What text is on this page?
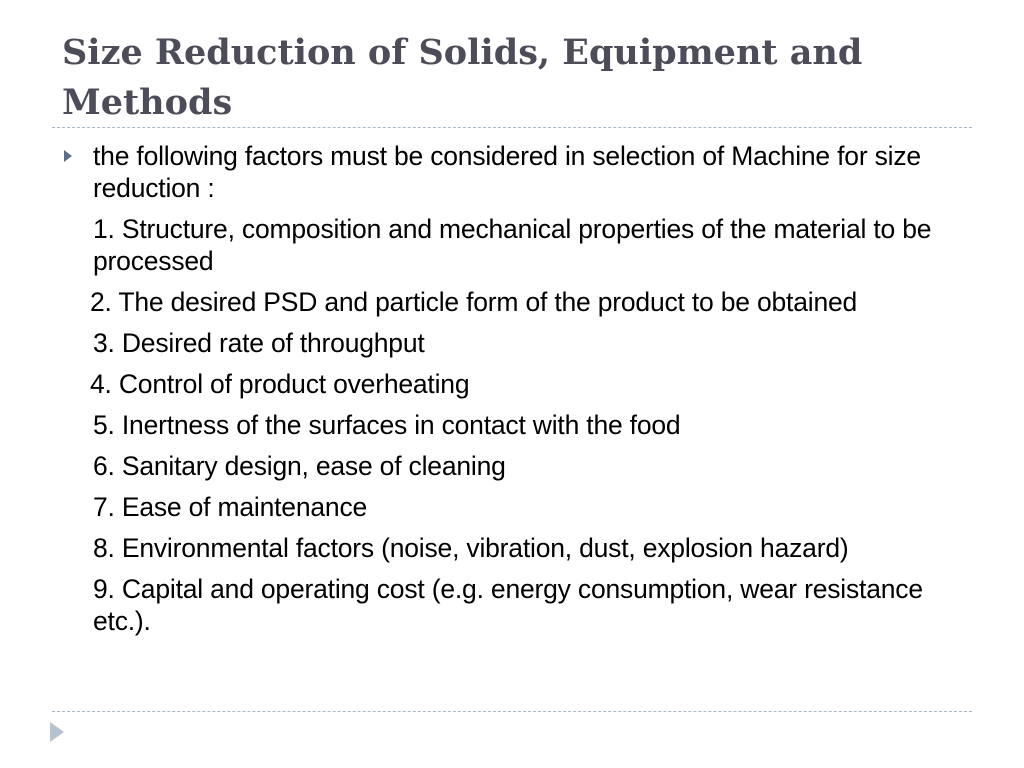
Size Reduction of Solids, Equipment and Methods
the following factors must be considered in selection of Machine for size reduction :
1. Structure, composition and mechanical properties of the material to be processed
2. The desired PSD and particle form of the product to be obtained
3. Desired rate of throughput
4. Control of product overheating
5. Inertness of the surfaces in contact with the food
6. Sanitary design, ease of cleaning
7. Ease of maintenance
8. Environmental factors (noise, vibration, dust, explosion hazard)
9. Capital and operating cost (e.g. energy consumption, wear resistance etc.).
